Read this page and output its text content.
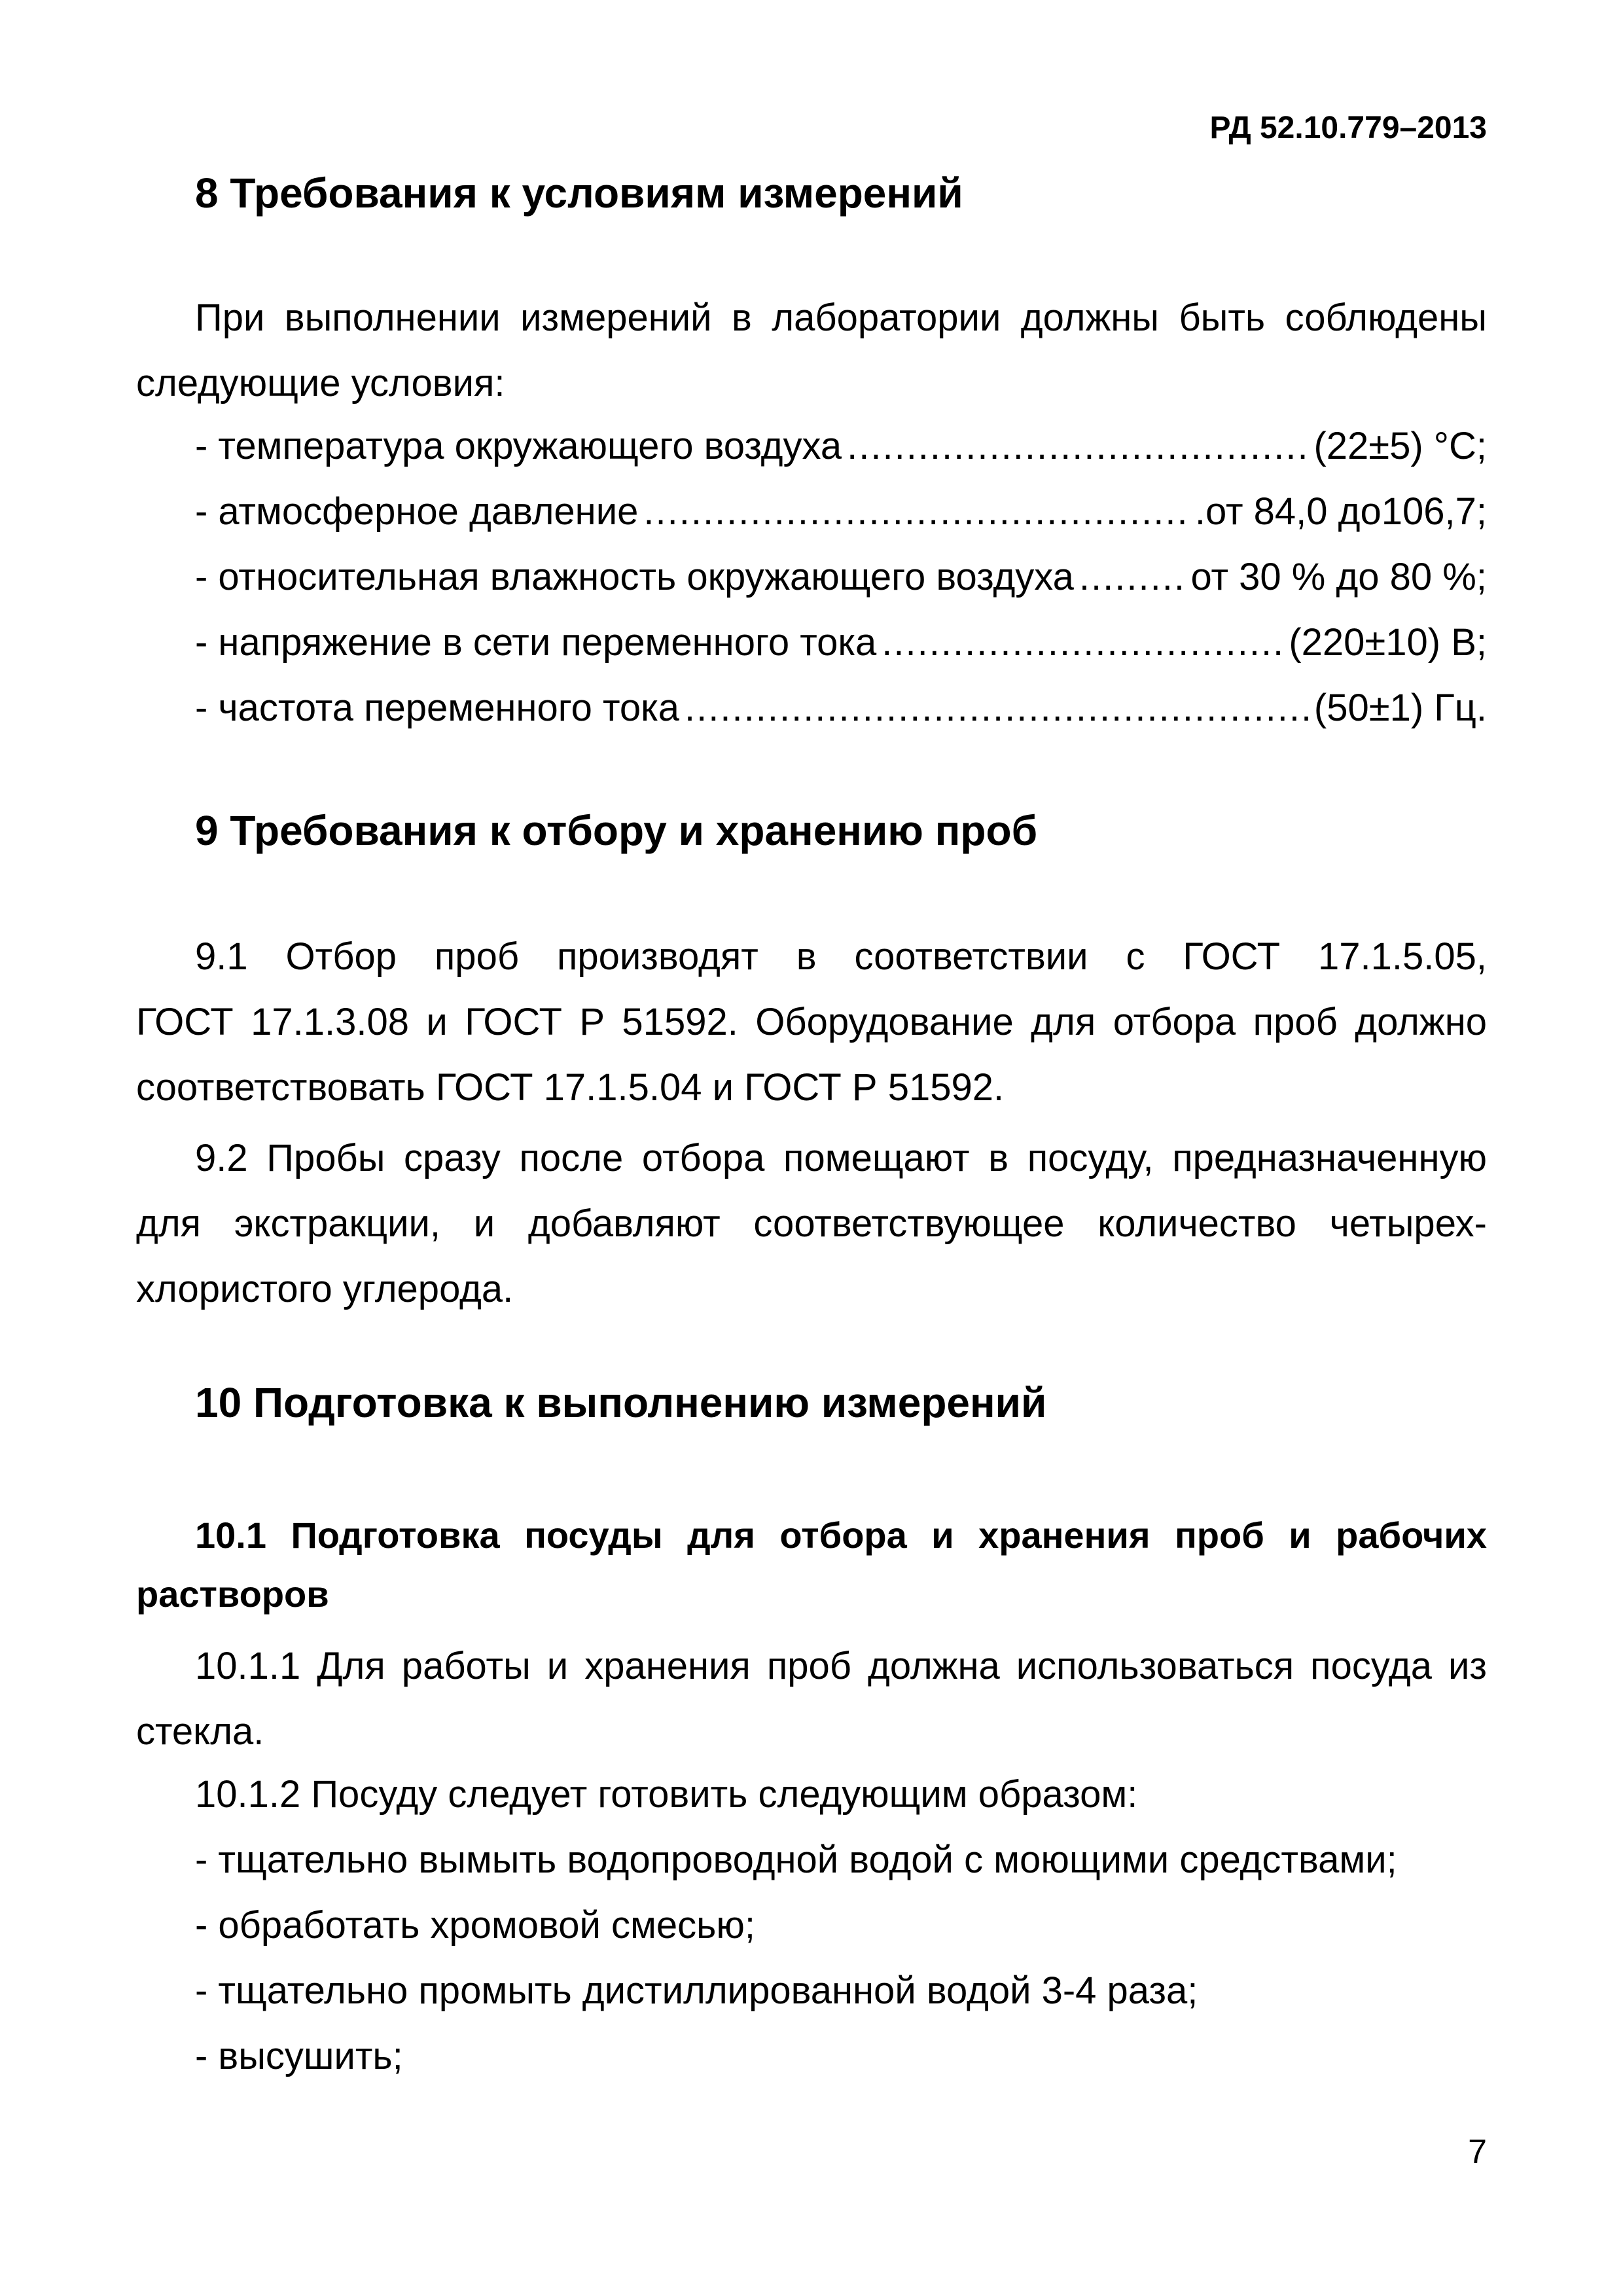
РД 52.10.779–2013
8 Требования к условиям измерений
При выполнении измерений в лаборатории должны быть соблюдены
следующие условия:
- температура окружающего воздуха .....	(22±5) °С;
- атмосферное давление .....	.от 84,0 до106,7;
- относительная влажность окружающего воздуха .....	от 30 % до 80 %;
- напряжение в сети переменного тока .....	(220±10) В;
- частота переменного тока .....	(50±1) Гц.
9 Требования к отбору и хранению проб
9.1 Отбор проб производят в соответствии с ГОСТ 17.1.5.05,
ГОСТ 17.1.3.08 и ГОСТ Р 51592. Оборудование для отбора проб должно
соответствовать ГОСТ 17.1.5.04 и ГОСТ Р 51592.
9.2 Пробы сразу после отбора помещают в посуду, предназначенную
для экстракции, и добавляют соответствующее количество четырех-
хлористого углерода.
10 Подготовка к выполнению измерений
10.1 Подготовка посуды для отбора и хранения проб и рабочих
растворов
10.1.1 Для работы и хранения проб должна использоваться посуда из
стекла.
10.1.2 Посуду следует готовить следующим образом:
- тщательно вымыть водопроводной водой с моющими средствами;
- обработать хромовой смесью;
- тщательно промыть дистиллированной водой 3-4 раза;
- высушить;
7
